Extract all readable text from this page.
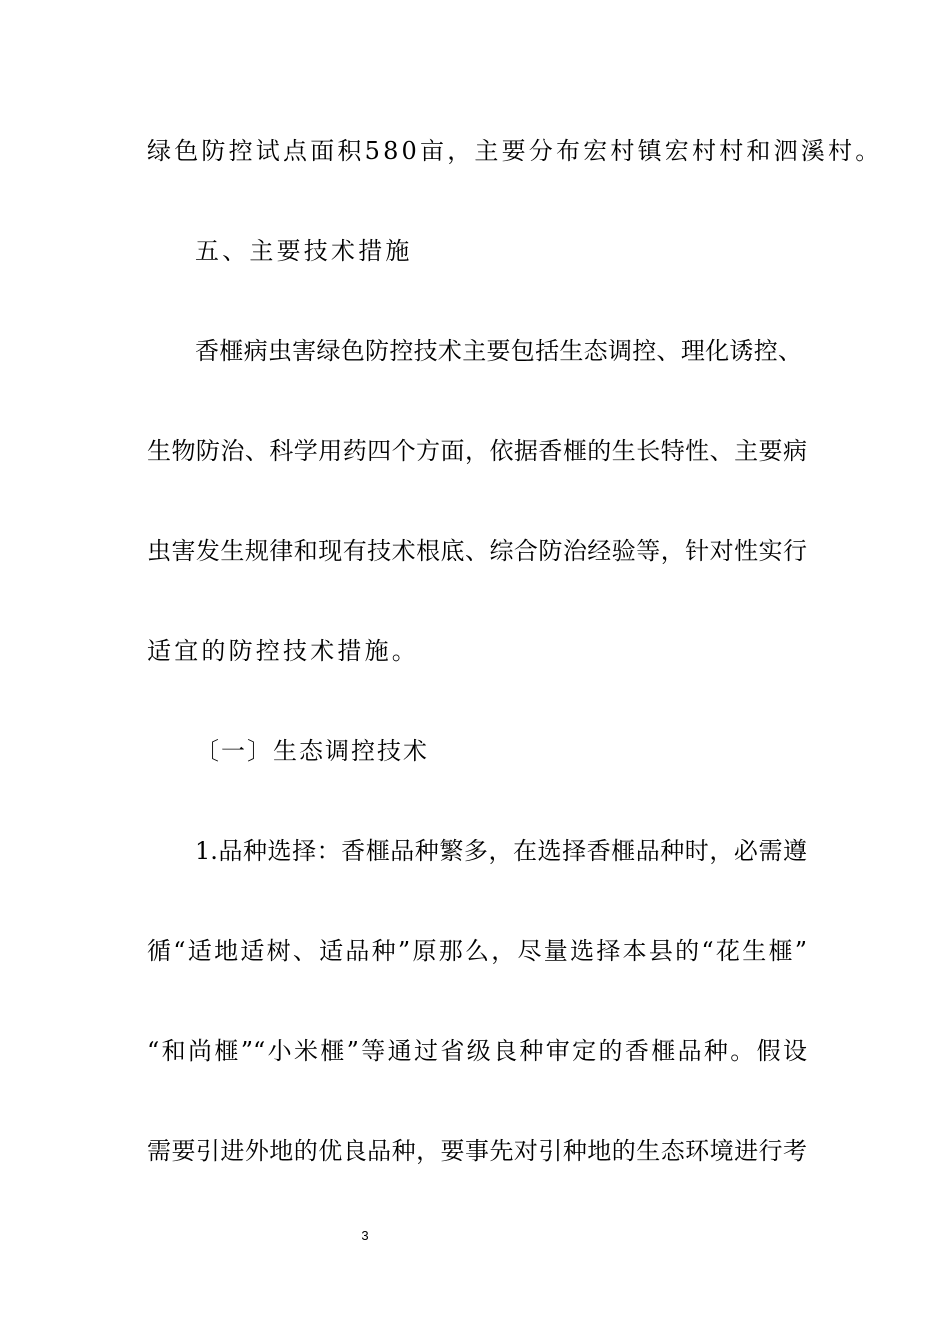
绿色防控试点面积580亩，主要分布宏村镇宏村村和泗溪村。
五、主要技术措施
香榧病虫害绿色防控技术主要包括生态调控、理化诱控、
生物防治、科学用药四个方面，依据香榧的生长特性、主要病
虫害发生规律和现有技术根底、综合防治经验等，针对性实行
适宜的防控技术措施。
〔一〕生态调控技术
1.品种选择：香榧品种繁多，在选择香榧品种时，必需遵
循“适地适树、适品种”原那么，尽量选择本县的“花生榧”
“和尚榧”“小米榧”等通过省级良种审定的香榧品种。假设
需要引进外地的优良品种，要事先对引种地的生态环境进行考
3
